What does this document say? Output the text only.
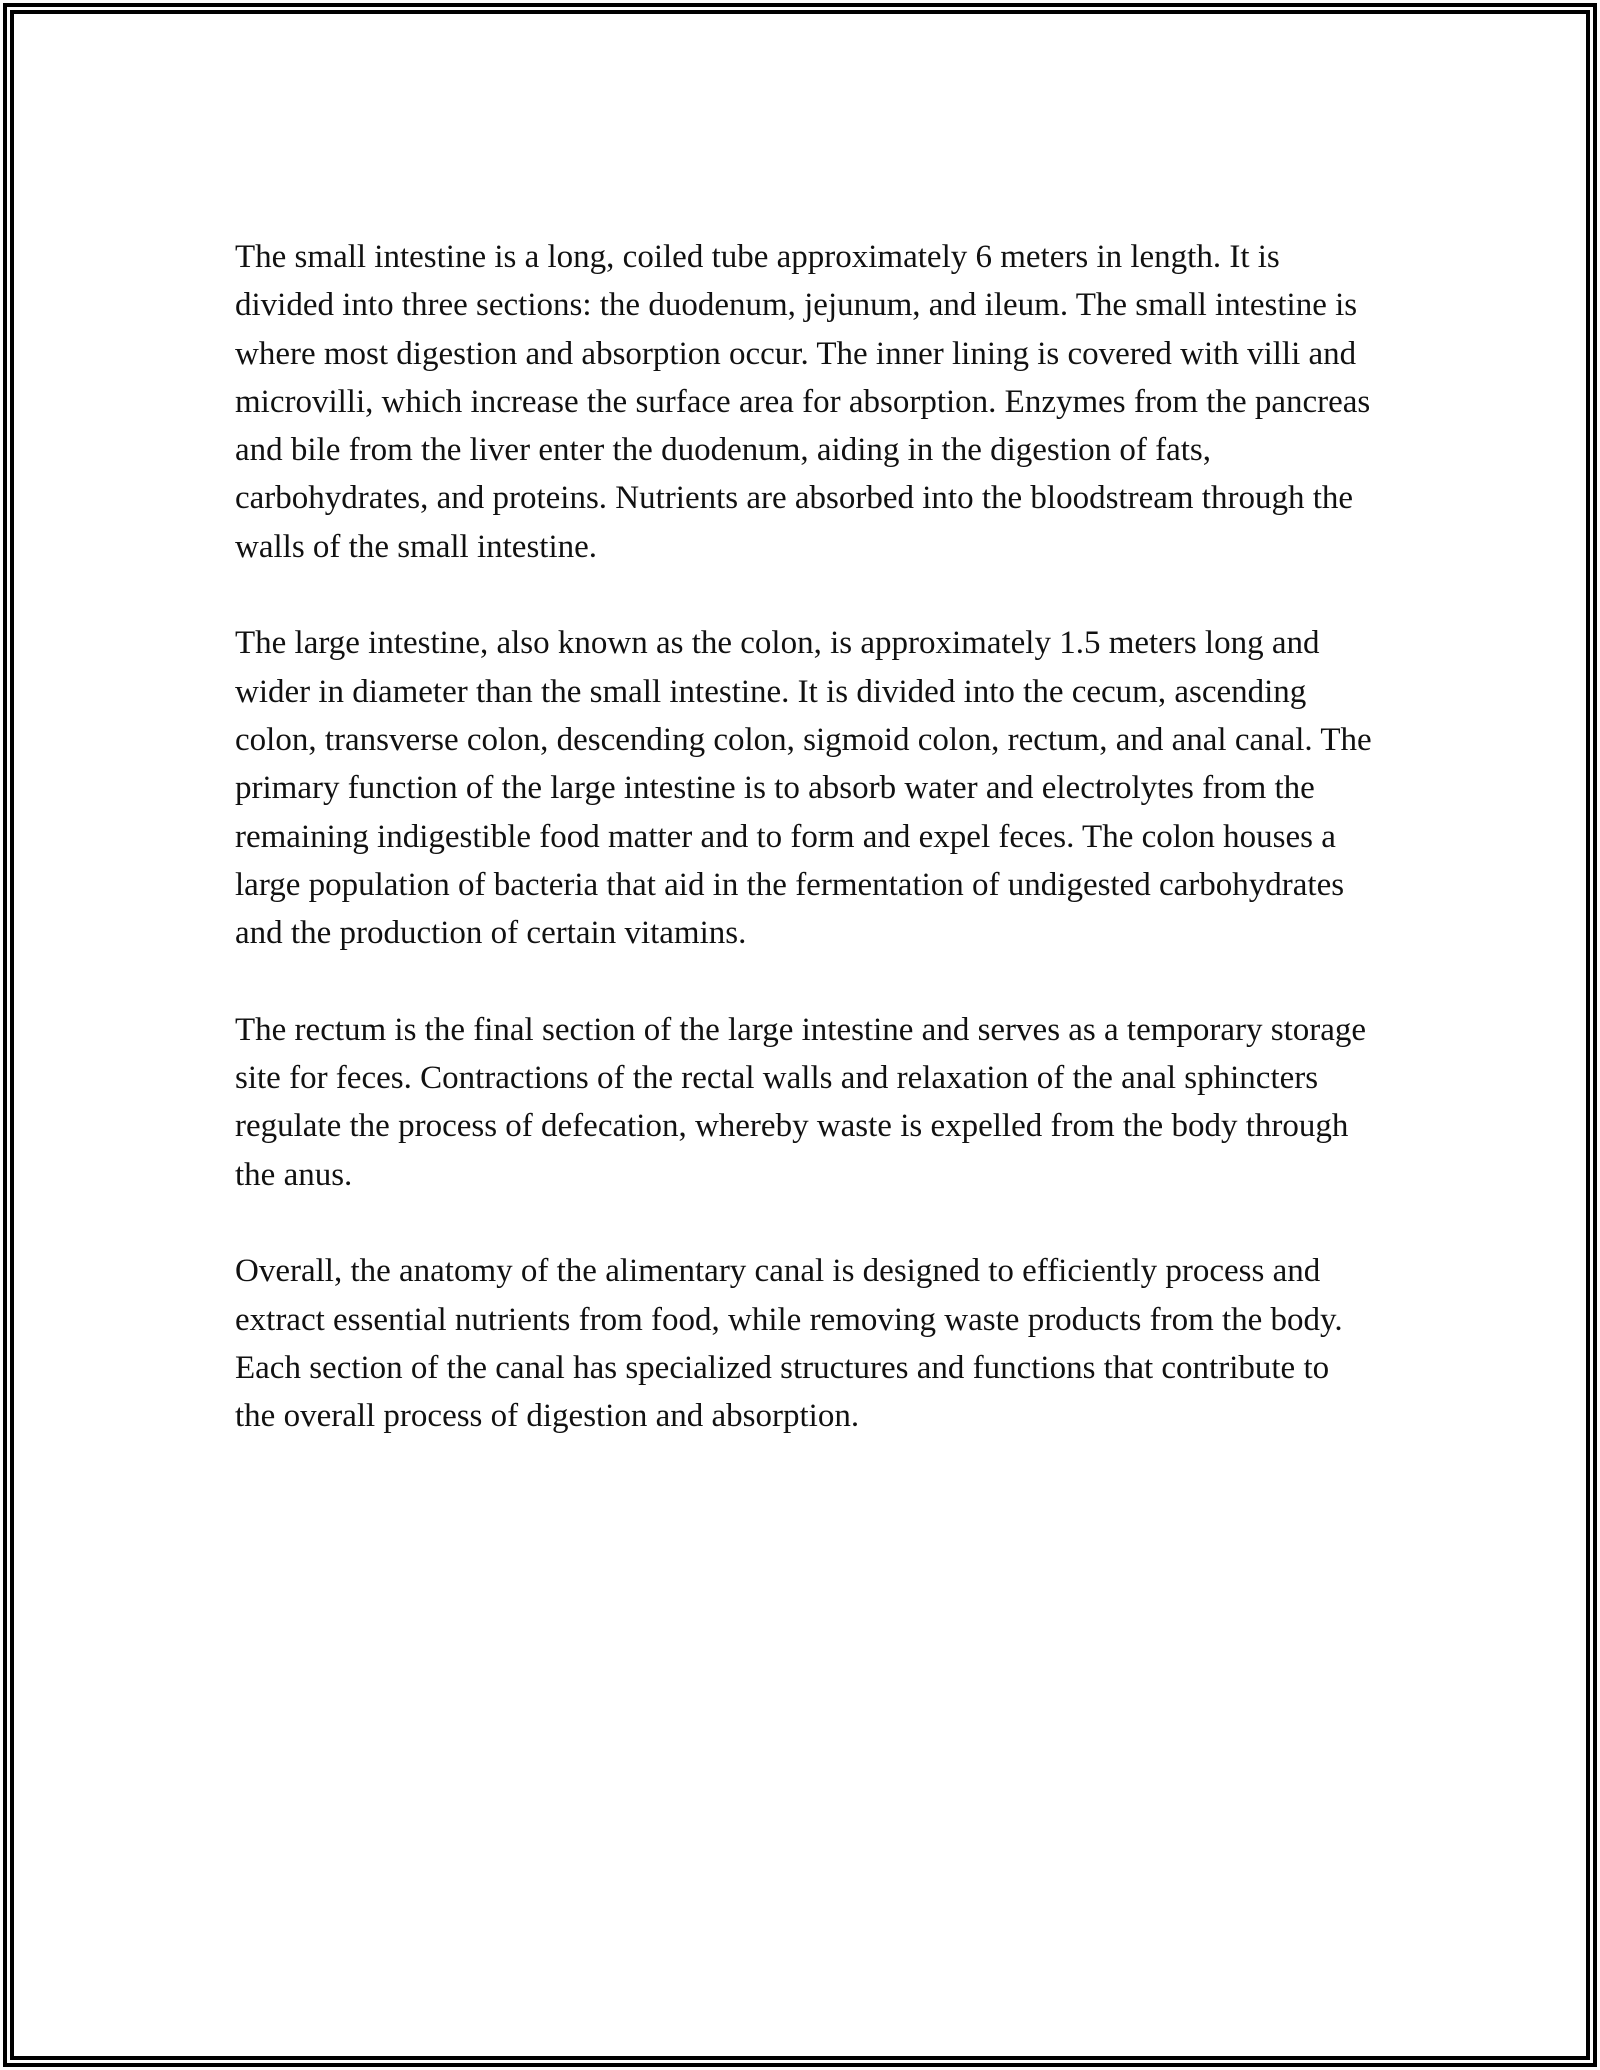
The small intestine is a long, coiled tube approximately 6 meters in length. It is divided into three sections: the duodenum, jejunum, and ileum. The small intestine is where most digestion and absorption occur. The inner lining is covered with villi and microvilli, which increase the surface area for absorption. Enzymes from the pancreas and bile from the liver enter the duodenum, aiding in the digestion of fats, carbohydrates, and proteins. Nutrients are absorbed into the bloodstream through the walls of the small intestine.

The large intestine, also known as the colon, is approximately 1.5 meters long and wider in diameter than the small intestine. It is divided into the cecum, ascending colon, transverse colon, descending colon, sigmoid colon, rectum, and anal canal. The primary function of the large intestine is to absorb water and electrolytes from the remaining indigestible food matter and to form and expel feces. The colon houses a large population of bacteria that aid in the fermentation of undigested carbohydrates and the production of certain vitamins.

The rectum is the final section of the large intestine and serves as a temporary storage site for feces. Contractions of the rectal walls and relaxation of the anal sphincters regulate the process of defecation, whereby waste is expelled from the body through the anus.

Overall, the anatomy of the alimentary canal is designed to efficiently process and extract essential nutrients from food, while removing waste products from the body. Each section of the canal has specialized structures and functions that contribute to the overall process of digestion and absorption.
